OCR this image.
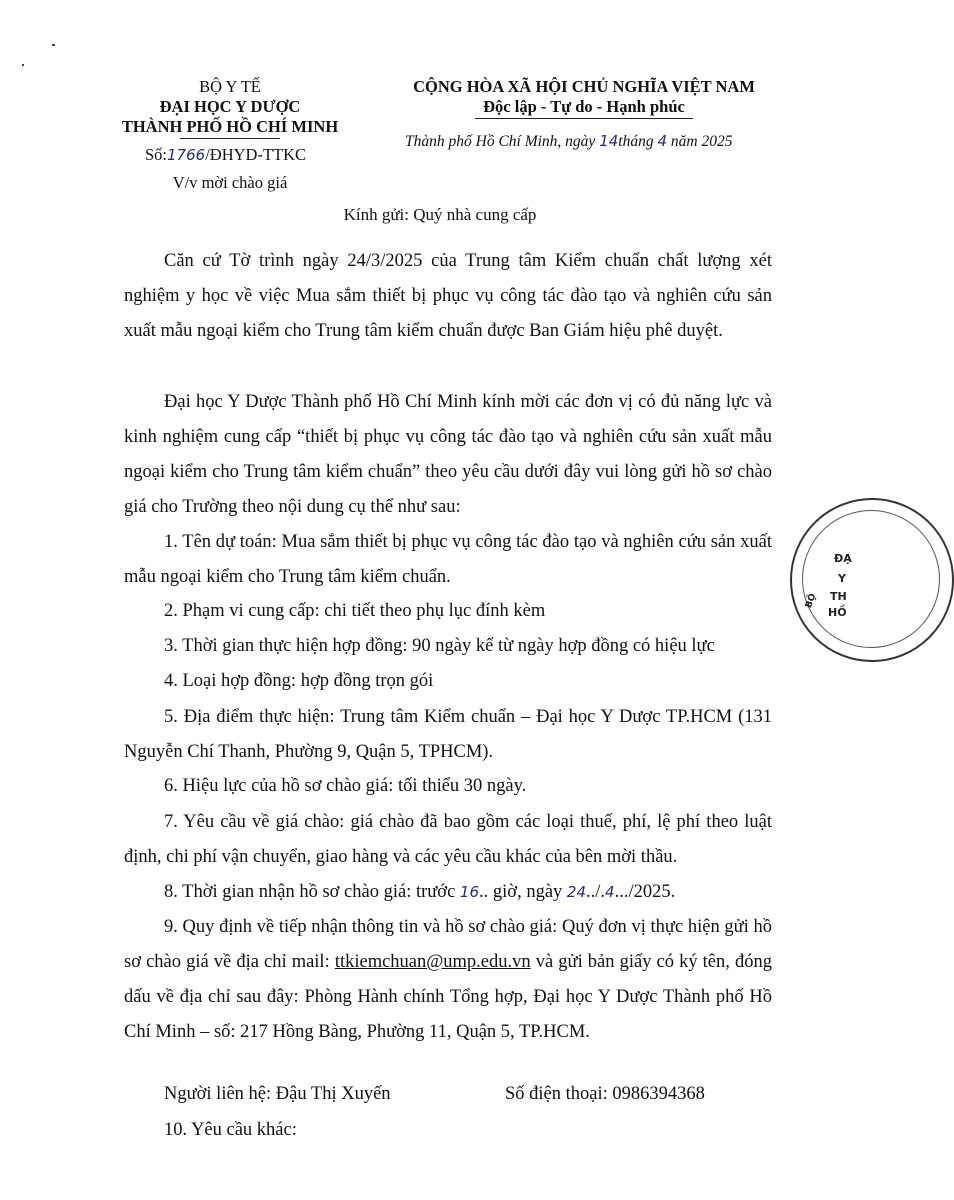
BỘ Y TẾ
ĐẠI HỌC Y DƯỢC
THÀNH PHỐ HỒ CHÍ MINH
Số:1766/ĐHYD-TTKC
V/v mời chào giá
CỘNG HÒA XÃ HỘI CHỦ NGHĨA VIỆT NAM
Độc lập - Tự do - Hạnh phúc
Thành phố Hồ Chí Minh, ngày 14tháng 4 năm 2025
Kính gửi: Quý nhà cung cấp
Căn cứ Tờ trình ngày 24/3/2025 của Trung tâm Kiểm chuẩn chất lượng xét nghiệm y học về việc Mua sắm thiết bị phục vụ công tác đào tạo và nghiên cứu sản xuất mẫu ngoại kiểm cho Trung tâm kiểm chuẩn được Ban Giám hiệu phê duyệt.
Đại học Y Dược Thành phố Hồ Chí Minh kính mời các đơn vị có đủ năng lực và kinh nghiệm cung cấp “thiết bị phục vụ công tác đào tạo và nghiên cứu sản xuất mẫu ngoại kiểm cho Trung tâm kiểm chuẩn” theo yêu cầu dưới đây vui lòng gửi hồ sơ chào giá cho Trường theo nội dung cụ thể như sau:
1. Tên dự toán: Mua sắm thiết bị phục vụ công tác đào tạo và nghiên cứu sản xuất mẫu ngoại kiểm cho Trung tâm kiểm chuẩn.
2. Phạm vi cung cấp: chi tiết theo phụ lục đính kèm
3. Thời gian thực hiện hợp đồng: 90 ngày kể từ ngày hợp đồng có hiệu lực
4. Loại hợp đồng: hợp đồng trọn gói
5. Địa điểm thực hiện: Trung tâm Kiểm chuẩn – Đại học Y Dược TP.HCM (131 Nguyễn Chí Thanh, Phường 9, Quận 5, TPHCM).
6. Hiệu lực của hồ sơ chào giá: tối thiểu 30 ngày.
7. Yêu cầu về giá chào: giá chào đã bao gồm các loại thuế, phí, lệ phí theo luật định, chi phí vận chuyển, giao hàng và các yêu cầu khác của bên mời thầu.
8. Thời gian nhận hồ sơ chào giá: trước 16.. giờ, ngày 24../.4.../2025.
9. Quy định về tiếp nhận thông tin và hồ sơ chào giá: Quý đơn vị thực hiện gửi hồ sơ chào giá về địa chỉ mail: ttkiemchuan@ump.edu.vn và gửi bản giấy có ký tên, đóng dấu về địa chỉ sau đây: Phòng Hành chính Tổng hợp, Đại học Y Dược Thành phố Hồ Chí Minh – số: 217 Hồng Bàng, Phường 11, Quận 5, TP.HCM.
Người liên hệ: Đậu Thị Xuyến	Số điện thoại: 0986394368
10. Yêu cầu khác:
ĐẠ
Y
TH
HỒ
BỘ
